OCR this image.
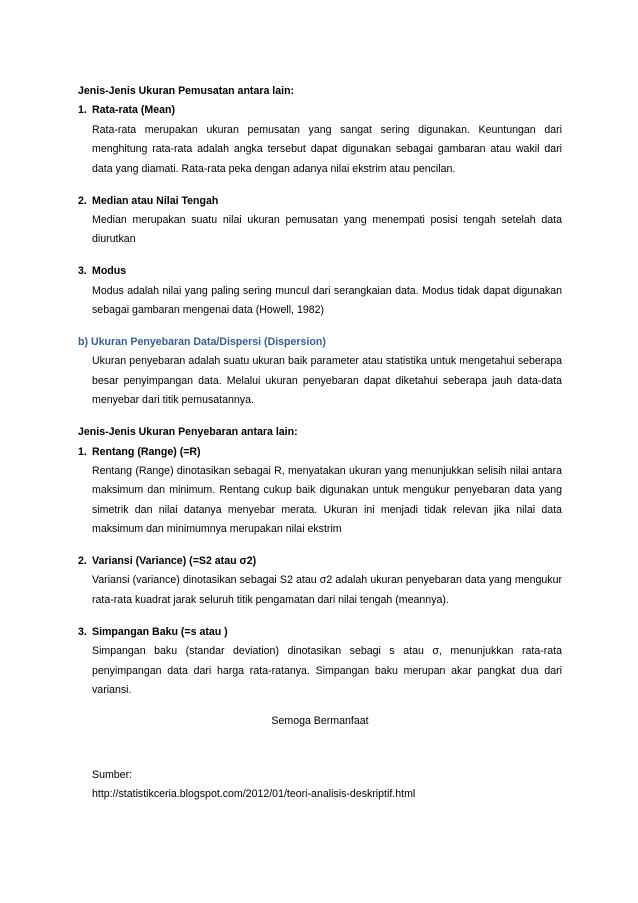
Jenis-Jenis Ukuran Pemusatan antara lain:
1. Rata-rata (Mean)
Rata-rata merupakan ukuran pemusatan yang sangat sering digunakan. Keuntungan dari menghitung rata-rata adalah angka tersebut dapat digunakan sebagai gambaran atau wakil dari data yang diamati. Rata-rata peka dengan adanya nilai ekstrim atau pencilan.
2. Median atau Nilai Tengah
Median merupakan suatu nilai ukuran pemusatan yang menempati posisi tengah setelah data diurutkan
3. Modus
Modus adalah nilai yang paling sering muncul dari serangkaian data. Modus tidak dapat digunakan sebagai gambaran mengenai data (Howell, 1982)
b) Ukuran Penyebaran Data/Dispersi (Dispersion)
Ukuran penyebaran adalah suatu ukuran baik parameter atau statistika untuk mengetahui seberapa besar penyimpangan data. Melalui ukuran penyebaran dapat diketahui seberapa jauh data-data menyebar dari titik pemusatannya.
Jenis-Jenis Ukuran Penyebaran antara lain:
1. Rentang (Range) (=R)
Rentang (Range) dinotasikan sebagai R, menyatakan ukuran yang menunjukkan selisih nilai antara maksimum dan minimum. Rentang cukup baik digunakan untuk mengukur penyebaran data yang simetrik dan nilai datanya menyebar merata. Ukuran ini menjadi tidak relevan jika nilai data maksimum dan minimumnya merupakan nilai ekstrim
2. Variansi (Variance) (=S2 atau σ2)
Variansi (variance) dinotasikan sebagai S2 atau σ2 adalah ukuran penyebaran data yang mengukur rata-rata kuadrat jarak seluruh titik pengamatan dari nilai tengah (meannya).
3. Simpangan Baku (=s atau )
Simpangan baku (standar deviation) dinotasikan sebagi s atau σ, menunjukkan rata-rata penyimpangan data dari harga rata-ratanya. Simpangan baku merupan akar pangkat dua dari variansi.
Semoga Bermanfaat
Sumber:
http://statistikceria.blogspot.com/2012/01/teori-analisis-deskriptif.html
